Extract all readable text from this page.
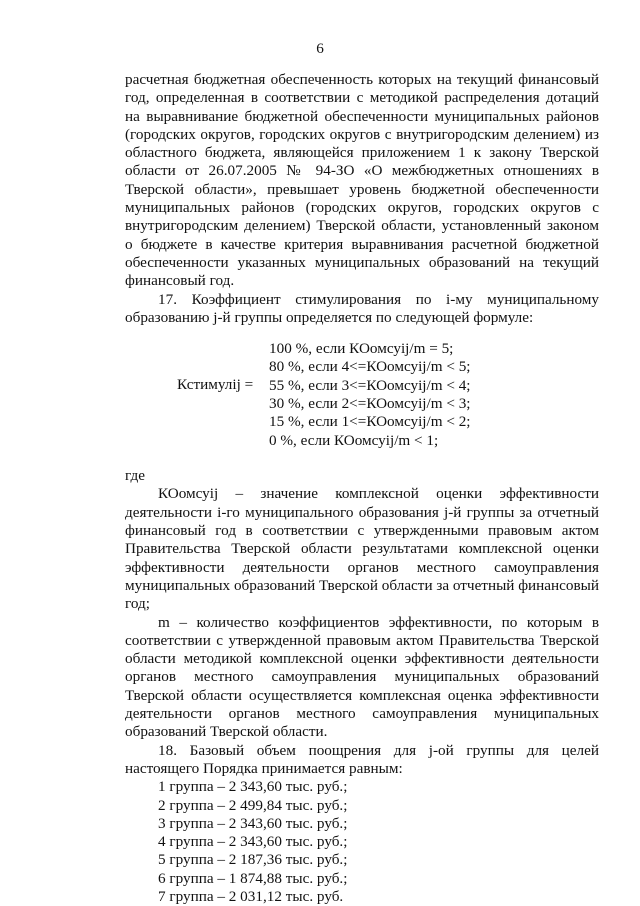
6

расчетная бюджетная обеспеченность которых на текущий финансовый год, определенная в соответствии с методикой распределения дотаций на выравнивание бюджетной обеспеченности муниципальных районов (городских округов, городских округов с внутригородским делением) из областного бюджета, являющейся приложением 1 к закону Тверской области от 26.07.2005 № 94-ЗО «О межбюджетных отношениях в Тверской области», превышает уровень бюджетной обеспеченности муниципальных районов (городских округов, городских округов с внутригородским делением) Тверской области, установленный законом о бюджете в качестве критерия выравнивания расчетной бюджетной обеспеченности указанных муниципальных образований на текущий финансовый год.

17. Коэффициент стимулирования по i-му муниципальному образованию j-й группы определяется по следующей формуле:

Кстимулij =
100 %, если КОомсуij/m = 5;
80 %, если 4<=КОомсуij/m < 5;
55 %, если 3<=КОомсуij/m < 4;
30 %, если 2<=КОомсуij/m < 3;
15 %, если 1<=КОомсуij/m < 2;
0 %, если КОомсуij/m < 1;

где

КОомсуij – значение комплексной оценки эффективности деятельности i-го муниципального образования j-й группы за отчетный финансовый год в соответствии с утвержденными правовым актом Правительства Тверской области результатами комплексной оценки эффективности деятельности органов местного самоуправления муниципальных образований Тверской области за отчетный финансовый год;

m – количество коэффициентов эффективности, по которым в соответствии с утвержденной правовым актом Правительства Тверской области методикой комплексной оценки эффективности деятельности органов местного самоуправления муниципальных образований Тверской области осуществляется комплексная оценка эффективности деятельности органов местного самоуправления муниципальных образований Тверской области.

18. Базовый объем поощрения для j-ой группы для целей настоящего Порядка принимается равным:

1 группа – 2 343,60 тыс. руб.;
2 группа – 2 499,84 тыс. руб.;
3 группа – 2 343,60 тыс. руб.;
4 группа – 2 343,60 тыс. руб.;
5 группа – 2 187,36 тыс. руб.;
6 группа – 1 874,88 тыс. руб.;
7 группа – 2 031,12 тыс. руб.
